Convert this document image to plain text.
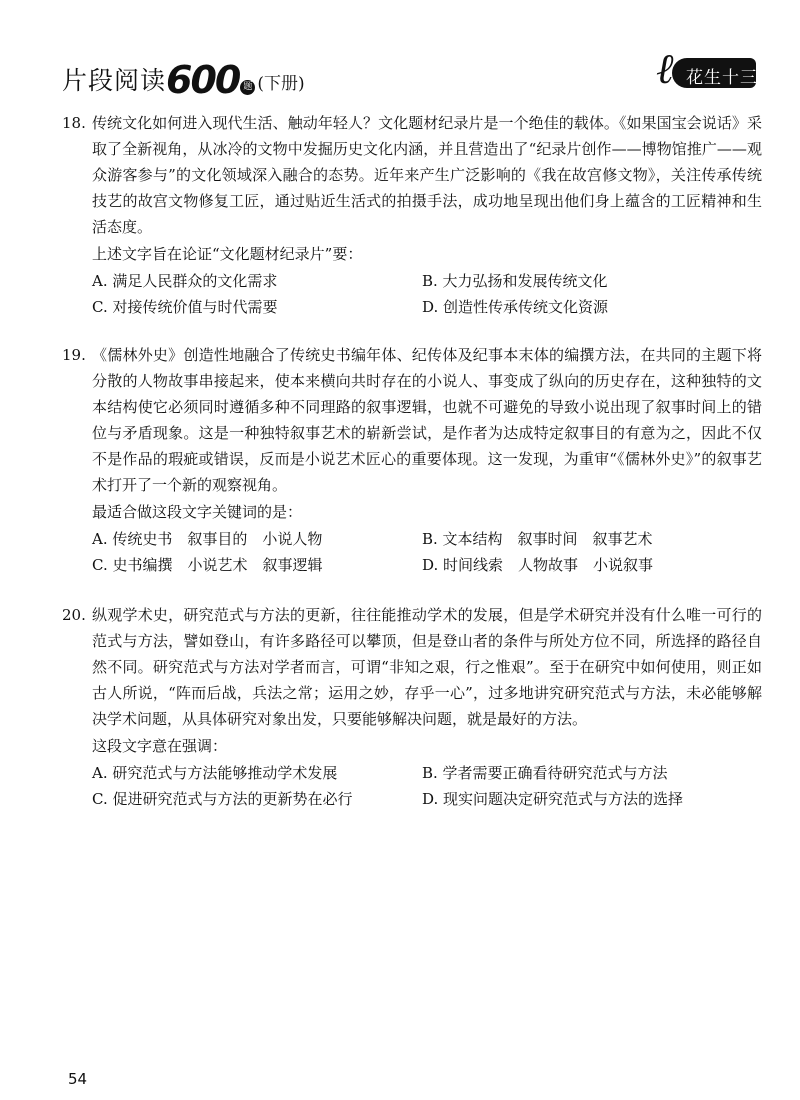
片段阅读600 题 (下册)	ℓ 花生十三
18. 传统文化如何进入现代生活、触动年轻人？文化题材纪录片是一个绝佳的载体。《如果国宝会说话》采取了全新视角，从冰冷的文物中发掘历史文化内涵，并且营造出了“纪录片创作——博物馆推广——观众游客参与”的文化领域深入融合的态势。近年来产生广泛影响的《我在故宫修文物》，关注传承传统技艺的故宫文物修复工匠，通过贴近生活式的拍摄手法，成功地呈现出他们身上蕴含的工匠精神和生活态度。

上述文字旨在论证“文化题材纪录片”要：

A. 满足人民群众的文化需求	B. 大力弘扬和发展传统文化
C. 对接传统价值与时代需要	D. 创造性传承传统文化资源
19. 《儒林外史》创造性地融合了传统史书编年体、纪传体及纪事本末体的编撰方法，在共同的主题下将分散的人物故事串接起来，使本来横向共时存在的小说人、事变成了纵向的历史存在，这种独特的文本结构使它必须同时遵循多种不同理路的叙事逻辑，也就不可避免的导致小说出现了叙事时间上的错位与矛盾现象。这是一种独特叙事艺术的崭新尝试，是作者为达成特定叙事目的有意为之，因此不仅不是作品的瑕疵或错误，反而是小说艺术匠心的重要体现。这一发现，为重审“《儒林外史》”的叙事艺术打开了一个新的观察视角。

最适合做这段文字关键词的是：

A. 传统史书　叙事目的　小说人物	B. 文本结构　叙事时间　叙事艺术
C. 史书编撰　小说艺术　叙事逻辑	D. 时间线索　人物故事　小说叙事
20. 纵观学术史，研究范式与方法的更新，往往能推动学术的发展，但是学术研究并没有什么唯一可行的范式与方法，譬如登山，有许多路径可以攀顶，但是登山者的条件与所处方位不同，所选择的路径自然不同。研究范式与方法对学者而言，可谓“非知之艰，行之惟艰”。至于在研究中如何使用，则正如古人所说，“阵而后战，兵法之常；运用之妙，存乎一心”，过多地讲究研究范式与方法，未必能够解决学术问题，从具体研究对象出发，只要能够解决问题，就是最好的方法。

这段文字意在强调：

A. 研究范式与方法能够推动学术发展	B. 学者需要正确看待研究范式与方法
C. 促进研究范式与方法的更新势在必行	D. 现实问题决定研究范式与方法的选择
54
